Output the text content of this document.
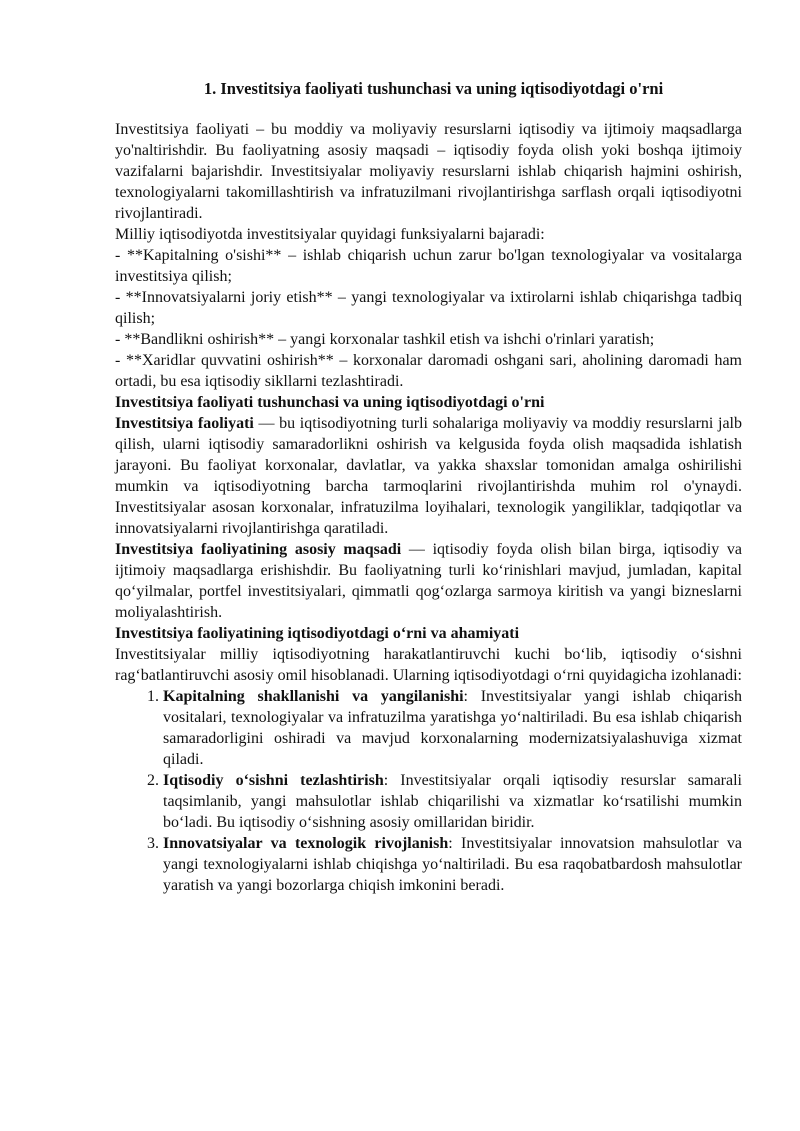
1. Investitsiya faoliyati tushunchasi va uning iqtisodiyotdagi o'rni

Investitsiya faoliyati – bu moddiy va moliyaviy resurslarni iqtisodiy va ijtimoiy maqsadlarga yo'naltirishdir. Bu faoliyatning asosiy maqsadi – iqtisodiy foyda olish yoki boshqa ijtimoiy vazifalarni bajarishdir. Investitsiyalar moliyaviy resurslarni ishlab chiqarish hajmini oshirish, texnologiyalarni takomillashtirish va infratuzilmani rivojlantirishga sarflash orqali iqtisodiyotni rivojlantiradi.

Milliy iqtisodiyotda investitsiyalar quyidagi funksiyalarni bajaradi:

- **Kapitalning o'sishi** – ishlab chiqarish uchun zarur bo'lgan texnologiyalar va vositalarga investitsiya qilish;

- **Innovatsiyalarni joriy etish** – yangi texnologiyalar va ixtirolarni ishlab chiqarishga tadbiq qilish;

- **Bandlikni oshirish** – yangi korxonalar tashkil etish va ishchi o'rinlari yaratish;

- **Xaridlar quvvatini oshirish** – korxonalar daromadi oshgani sari, aholining daromadi ham ortadi, bu esa iqtisodiy sikllarni tezlashtiradi.

Investitsiya faoliyati tushunchasi va uning iqtisodiyotdagi o'rni

Investitsiya faoliyati — bu iqtisodiyotning turli sohalariga moliyaviy va moddiy resurslarni jalb qilish, ularni iqtisodiy samaradorlikni oshirish va kelgusida foyda olish maqsadida ishlatish jarayoni. Bu faoliyat korxonalar, davlatlar, va yakka shaxslar tomonidan amalga oshirilishi mumkin va iqtisodiyotning barcha tarmoqlarini rivojlantirishda muhim rol o'ynaydi. Investitsiyalar asosan korxonalar, infratuzilma loyihalari, texnologik yangiliklar, tadqiqotlar va innovatsiyalarni rivojlantirishga qaratiladi.

Investitsiya faoliyatining asosiy maqsadi — iqtisodiy foyda olish bilan birga, iqtisodiy va ijtimoiy maqsadlarga erishishdir. Bu faoliyatning turli koʻrinishlari mavjud, jumladan, kapital qoʻyilmalar, portfel investitsiyalari, qimmatli qogʻozlarga sarmoya kiritish va yangi bizneslarni moliyalashtirish.

Investitsiya faoliyatining iqtisodiyotdagi oʻrni va ahamiyati

Investitsiyalar milliy iqtisodiyotning harakatlantiruvchi kuchi boʻlib, iqtisodiy oʻsishni ragʻbatlantiruvchi asosiy omil hisoblanadi. Ularning iqtisodiyotdagi oʻrni quyidagicha izohlanadi:

1. Kapitalning shakllanishi va yangilanishi: Investitsiyalar yangi ishlab chiqarish vositalari, texnologiyalar va infratuzilma yaratishga yoʻnaltiriladi. Bu esa ishlab chiqarish samaradorligini oshiradi va mavjud korxonalarning modernizatsiyalashuviga xizmat qiladi.
2. Iqtisodiy oʻsishni tezlashtirish: Investitsiyalar orqali iqtisodiy resurslar samarali taqsimlanib, yangi mahsulotlar ishlab chiqarilishi va xizmatlar koʻrsatilishi mumkin boʻladi. Bu iqtisodiy oʻsishning asosiy omillaridan biridir.
3. Innovatsiyalar va texnologik rivojlanish: Investitsiyalar innovatsion mahsulotlar va yangi texnologiyalarni ishlab chiqishga yoʻnaltiriladi. Bu esa raqobatbardosh mahsulotlar yaratish va yangi bozorlarga chiqish imkonini beradi.
